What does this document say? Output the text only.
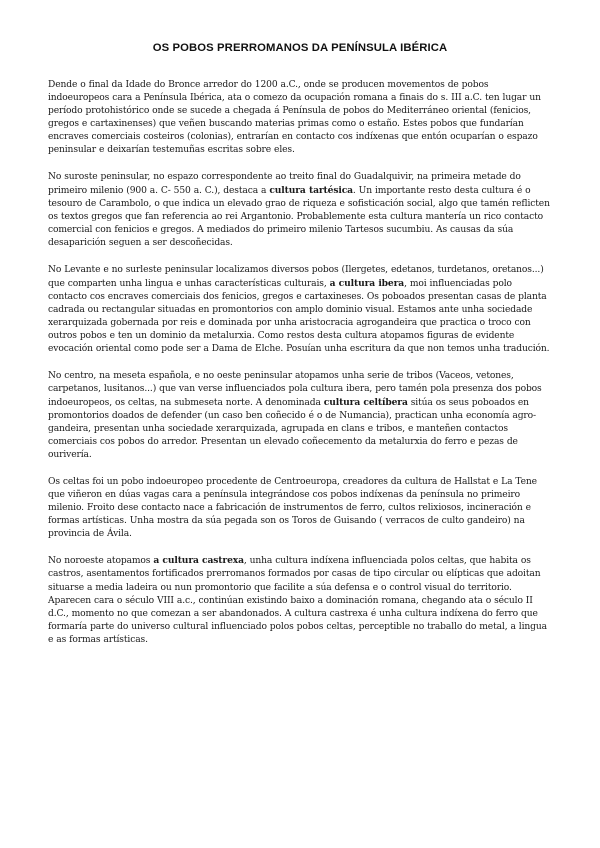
OS POBOS PRERROMANOS DA PENÍNSULA IBÉRICA

Dende o final da Idade do Bronce arredor do 1200 a.C., onde se producen movementos de pobos indoeuropeos cara a Península Ibérica, ata o comezo da ocupación romana a finais do s. III a.C. ten lugar un período protohistórico onde se sucede a chegada á Península de pobos do Mediterráneo oriental (fenicios, gregos e cartaxinenses) que veñen buscando materias primas como o estaño. Estes pobos que fundarían encraves comerciais costeiros (colonias), entrarían en contacto cos indíxenas que entón ocuparían o espazo peninsular e deixarían testemuñas escritas sobre eles.

No suroste peninsular, no espazo correspondente ao treito final do Guadalquivir, na primeira metade do primeiro milenio (900 a. C- 550 a. C.), destaca a cultura tartésica. Un importante resto desta cultura é o tesouro de Carambolo, o que indica un elevado grao de riqueza e sofisticación social, algo que tamén reflicten os textos gregos que fan referencia ao rei Argantonio. Probablemente esta cultura mantería un rico contacto comercial con fenicios e gregos. A mediados do primeiro milenio Tartesos sucumbiu. As causas da súa desaparición seguen a ser descoñecidas.

No Levante e no surleste peninsular localizamos diversos pobos (Ilergetes, edetanos, turdetanos, oretanos...) que comparten unha lingua e unhas características culturais, a cultura ibera, moi influenciadas polo contacto cos encraves comerciais dos fenicios, gregos e cartaxineses. Os poboados presentan casas de planta cadrada ou rectangular situadas en promontorios con amplo dominio visual. Estamos ante unha sociedade xerarquizada gobernada por reis e dominada por unha aristocracia agrogandeira que practica o troco con outros pobos e ten un dominio da metalurxia. Como restos desta cultura atopamos figuras de evidente evocación oriental como pode ser a Dama de Elche. Posuían unha escritura da que non temos unha tradución.

No centro, na meseta española, e no oeste peninsular atopamos unha serie de tribos (Vaceos, vetones, carpetanos, lusitanos...) que van verse influenciados pola cultura ibera, pero tamén pola presenza dos pobos indoeuropeos, os celtas, na submeseta norte. A denominada cultura celtíbera sitúa os seus poboados en promontorios doados de defender (un caso ben coñecido é o de Numancia), practican unha economía agro-gandeira, presentan unha sociedade xerarquizada, agrupada en clans e tribos, e manteñen contactos comerciais cos pobos do arredor. Presentan un elevado coñecemento da metalurxia do ferro e pezas de ourivería.

Os celtas foi un pobo indoeuropeo procedente de Centroeuropa, creadores da cultura de Hallstat e La Tene que viñeron en dúas vagas cara a península integrándose cos pobos indíxenas da península no primeiro milenio. Froito dese contacto nace a fabricación de instrumentos de ferro, cultos relixiosos, incineración e formas artísticas. Unha mostra da súa pegada son os Toros de Guisando ( verracos de culto gandeiro) na provincia de Ávila.

No noroeste atopamos a cultura castrexa, unha cultura indíxena influenciada polos celtas, que habita os castros, asentamentos fortificados prerromanos formados por casas de tipo circular ou elípticas que adoitan situarse a media ladeira ou nun promontorio que facilite a súa defensa e o control visual do territorio. Aparecen cara o século VIII a.c., continúan existindo baixo a dominación romana, chegando ata o século II d.C., momento no que comezan a ser abandonados. A cultura castrexa é unha cultura indíxena do ferro que formaría parte do universo cultural influenciado polos pobos celtas, perceptible no traballo do metal, a lingua e as formas artísticas.
